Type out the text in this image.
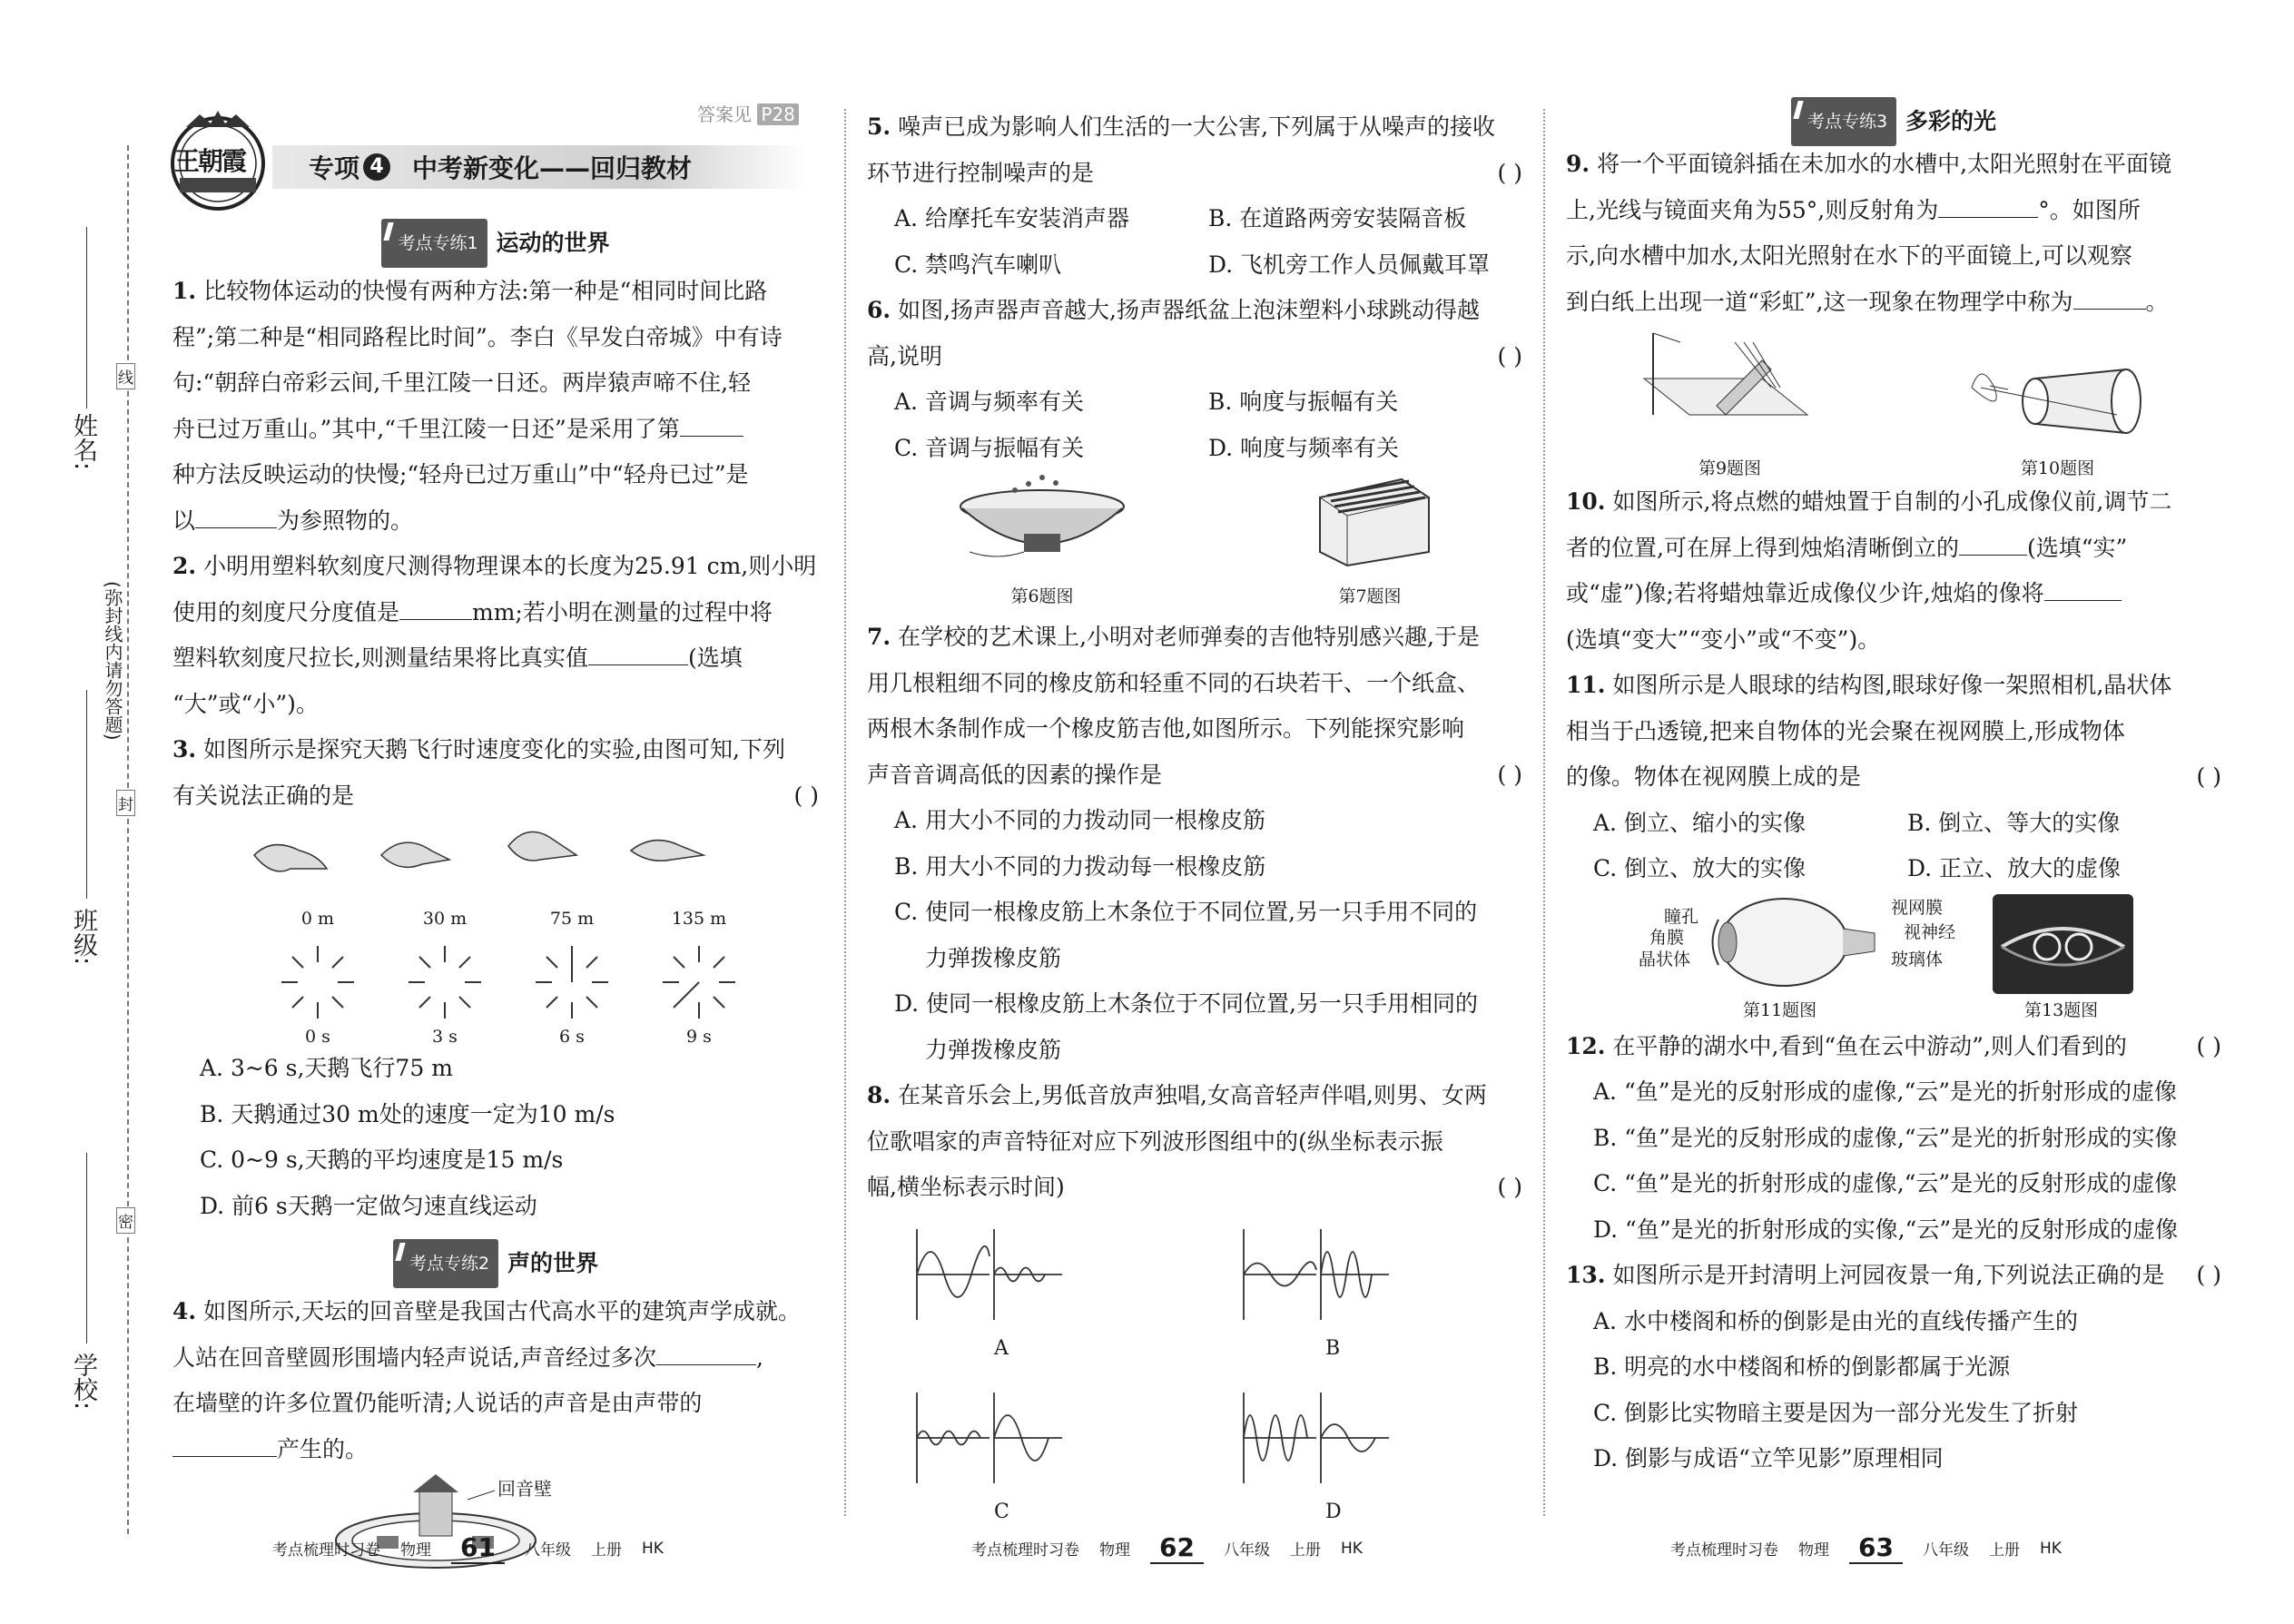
姓名:
班级:
学校:
(弥封线内请勿答题)
线
封
密
王朝霞 专项 4 中考新变化——回归教材
答案见 P28
考点专练1 运动的世界

1. 比较物体运动的快慢有两种方法:第一种是“相同时间比路

程”;第二种是“相同路程比时间”。李白《早发白帝城》中有诗

句:“朝辞白帝彩云间,千里江陵一日还。两岸猿声啼不住,轻

舟已过万重山。”其中,“千里江陵一日还”是采用了第

种方法反映运动的快慢;“轻舟已过万重山”中“轻舟已过”是

以	为参照物的。

2. 小明用塑料软刻度尺测得物理课本的长度为25.91 cm,则小明

使用的刻度尺分度值是	mm;若小明在测量的过程中将

塑料软刻度尺拉长,则测量结果将比真实值	(选填

“大”或“小”)。

3. 如图所示是探究天鹅飞行时速度变化的实验,由图可知,下列

有关说法正确的是	( )

0 m	30 m	75 m	135 m
0 s	3 s	6 s	9 s

A. 3~6 s,天鹅飞行75 m

B. 天鹅通过30 m处的速度一定为10 m/s

C. 0~9 s,天鹅的平均速度是15 m/s

D. 前6 s天鹅一定做匀速直线运动

考点专练2 声的世界

4. 如图所示,天坛的回音壁是我国古代高水平的建筑声学成就。

人站在回音壁圆形围墙内轻声说话,声音经过多次	,

在墙壁的许多位置仍能听清;人说话的声音是由声带的

产生的。

回音壁

5. 噪声已成为影响人们生活的一大公害,下列属于从噪声的接收

环节进行控制噪声的是	( )

A. 给摩托车安装消声器	B. 在道路两旁安装隔音板

C. 禁鸣汽车喇叭	D. 飞机旁工作人员佩戴耳罩

6. 如图,扬声器声音越大,扬声器纸盆上泡沫塑料小球跳动得越

高,说明	( )

A. 音调与频率有关	B. 响度与振幅有关

C. 音调与振幅有关	D. 响度与频率有关

第6题图	第7题图

7. 在学校的艺术课上,小明对老师弹奏的吉他特别感兴趣,于是

用几根粗细不同的橡皮筋和轻重不同的石块若干、一个纸盒、

两根木条制作成一个橡皮筋吉他,如图所示。下列能探究影响

声音音调高低的因素的操作是	( )

A. 用大小不同的力拨动同一根橡皮筋

B. 用大小不同的力拨动每一根橡皮筋

C. 使同一根橡皮筋上木条位于不同位置,另一只手用不同的

力弹拨橡皮筋

D. 使同一根橡皮筋上木条位于不同位置,另一只手用相同的

力弹拨橡皮筋

8. 在某音乐会上,男低音放声独唱,女高音轻声伴唱,则男、女两

位歌唱家的声音特征对应下列波形图组中的(纵坐标表示振

幅,横坐标表示时间)	( )

A	B
C	D
考点专练3 多彩的光

9. 将一个平面镜斜插在未加水的水槽中,太阳光照射在平面镜

上,光线与镜面夹角为55°,则反射角为	°。如图所

示,向水槽中加水,太阳光照射在水下的平面镜上,可以观察

到白纸上出现一道“彩虹”,这一现象在物理学中称为	。

第9题图	第10题图

10. 如图所示,将点燃的蜡烛置于自制的小孔成像仪前,调节二

者的位置,可在屏上得到烛焰清晰倒立的	(选填“实”

或“虚”)像;若将蜡烛靠近成像仪少许,烛焰的像将

(选填“变大”“变小”或“不变”)。

11. 如图所示是人眼球的结构图,眼球好像一架照相机,晶状体

相当于凸透镜,把来自物体的光会聚在视网膜上,形成物体

的像。物体在视网膜上成的是	( )

A. 倒立、缩小的实像	B. 倒立、等大的实像

C. 倒立、放大的实像	D. 正立、放大的虚像

瞳孔
角膜
晶状体
视网膜
视神经
玻璃体
第11题图	第13题图

12. 在平静的湖水中,看到“鱼在云中游动”,则人们看到的	( )

A. “鱼”是光的反射形成的虚像,“云”是光的折射形成的虚像

B. “鱼”是光的反射形成的虚像,“云”是光的折射形成的实像

C. “鱼”是光的折射形成的虚像,“云”是光的反射形成的虚像

D. “鱼”是光的折射形成的实像,“云”是光的反射形成的虚像

13. 如图所示是开封清明上河园夜景一角,下列说法正确的是 ( )

A. 水中楼阁和桥的倒影是由光的直线传播产生的

B. 明亮的水中楼阁和桥的倒影都属于光源

C. 倒影比实物暗主要是因为一部分光发生了折射

D. 倒影与成语“立竿见影”原理相同

考点梳理时习卷 物理	61	八年级 上册 HK	考点梳理时习卷 物理	62	八年级 上册 HK	考点梳理时习卷 物理	63	八年级 上册 HK
